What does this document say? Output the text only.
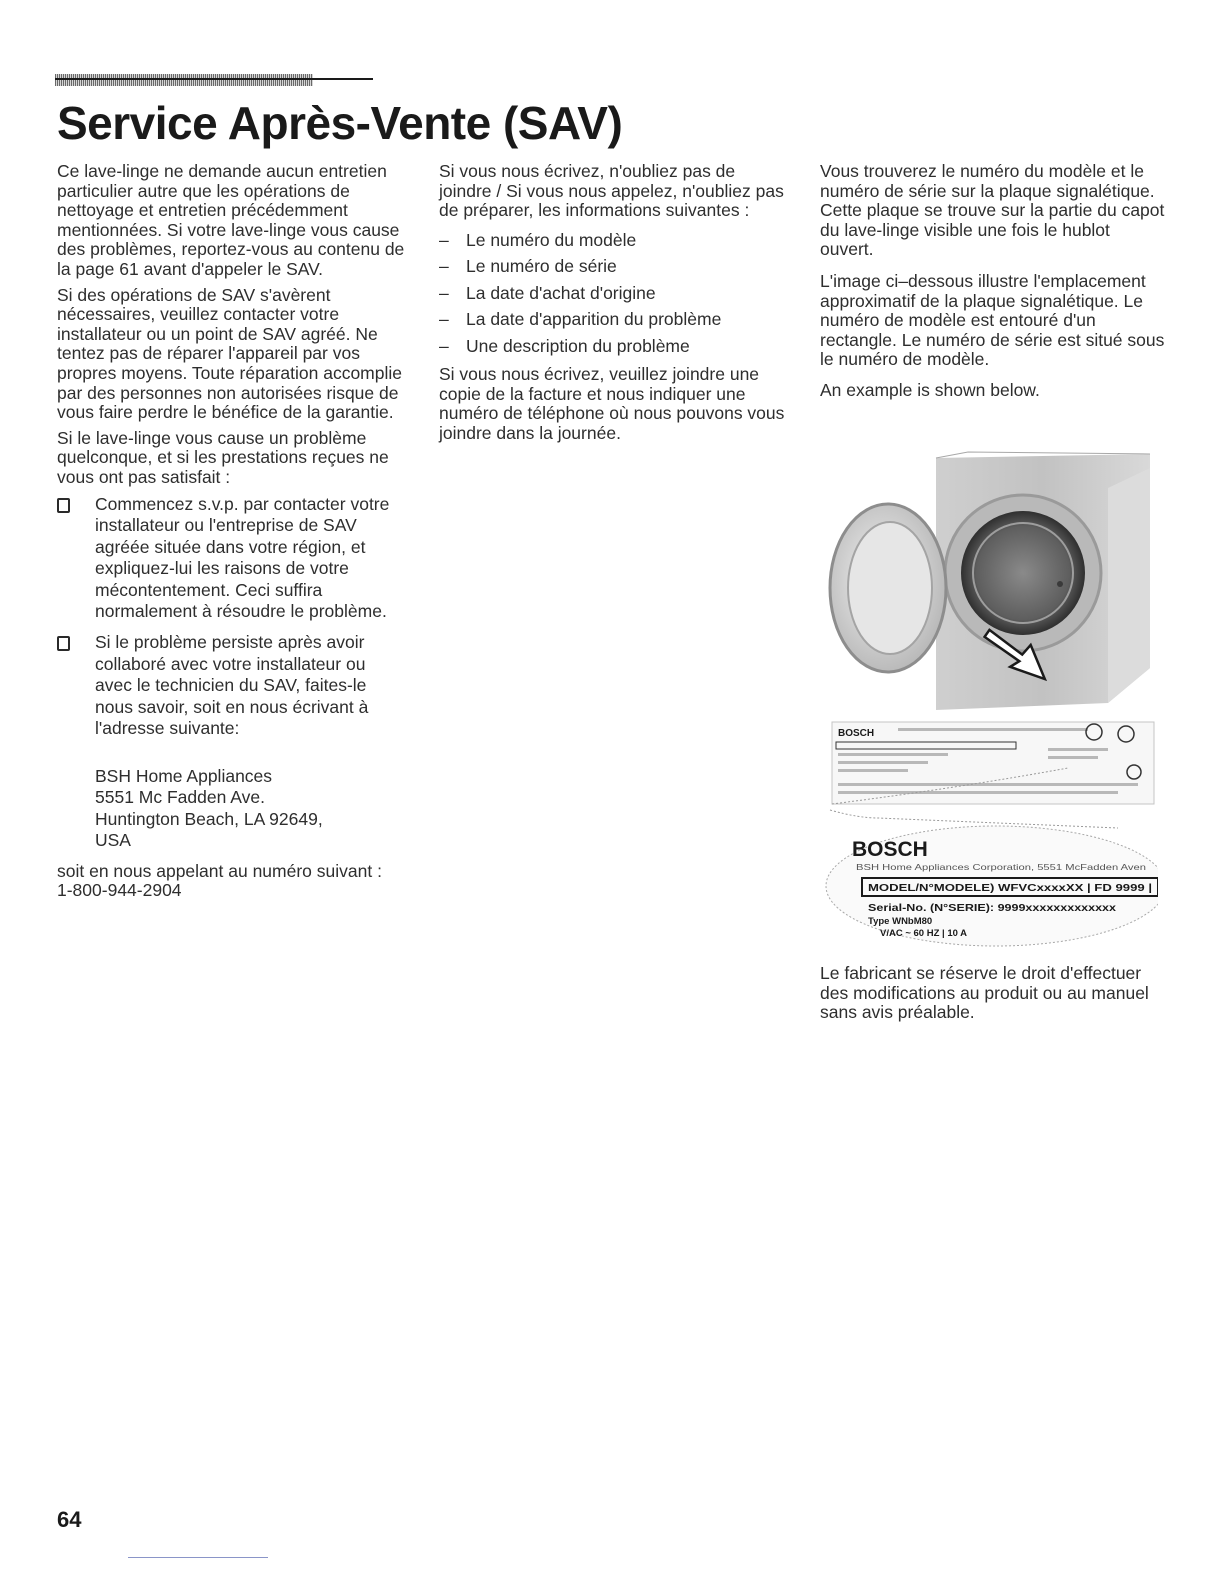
Service Après-Vente (SAV)

Ce lave-linge ne demande aucun entretien particulier autre que les opérations de nettoyage et entretien précédemment mentionnées. Si votre lave-linge vous cause des problèmes, reportez-vous au contenu de la page 61 avant d'appeler le SAV.

Si des opérations de SAV s'avèrent nécessaires, veuillez contacter votre installateur ou un point de SAV agréé. Ne tentez pas de réparer l'appareil par vos propres moyens. Toute réparation accomplie par des personnes non autorisées risque de vous faire perdre le bénéfice de la garantie.

Si le lave-linge vous cause un problème quelconque, et si les prestations reçues ne vous ont pas satisfait :

Commencez s.v.p. par contacter votre installateur ou l'entreprise de SAV agréée située dans votre région, et expliquez-lui les raisons de votre mécontentement. Ceci suffira normalement à résoudre le problème.
Si le problème persiste après avoir collaboré avec votre installateur ou avec le technicien du SAV, faites-le nous savoir, soit en nous écrivant à l'adresse suivante:
BSH Home Appliances
5551 Mc Fadden Ave.
Huntington Beach, LA 92649,
USA

soit en nous appelant au numéro suivant :

1-800-944-2904

Si vous nous écrivez, n'oubliez pas de joindre / Si vous nous appelez, n'oubliez pas de préparer, les informations suivantes :

– Le numéro du modèle
– Le numéro de série
– La date d'achat d'origine
– La date d'apparition du problème
– Une description du problème

Si vous nous écrivez, veuillez joindre une copie de la facture et nous indiquer une numéro de téléphone où nous pouvons vous joindre dans la journée.

Vous trouverez le numéro du modèle et le numéro de série sur la plaque signalétique. Cette plaque se trouve sur la partie du capot du lave-linge visible une fois le hublot ouvert.

L'image ci–dessous illustre l'emplacement approximatif de la plaque signalétique. Le numéro de modèle est entouré d'un rectangle. Le numéro de série est situé sous le numéro de modèle.

An example is shown below.

BOSCH
BOSCH
BSH Home Appliances Corporation, 5551 McFadden Aven
MODEL/N°MODELE) WFVCxxxxXX | FD 9999 |
Serial-No. (N°SERIE): 9999xxxxxxxxxxxxx
Type WNbM80
V/AC ~ 60 HZ | 10 A

Le fabricant se réserve le droit d'effectuer des modifications au produit ou au manuel sans avis préalable.

64
